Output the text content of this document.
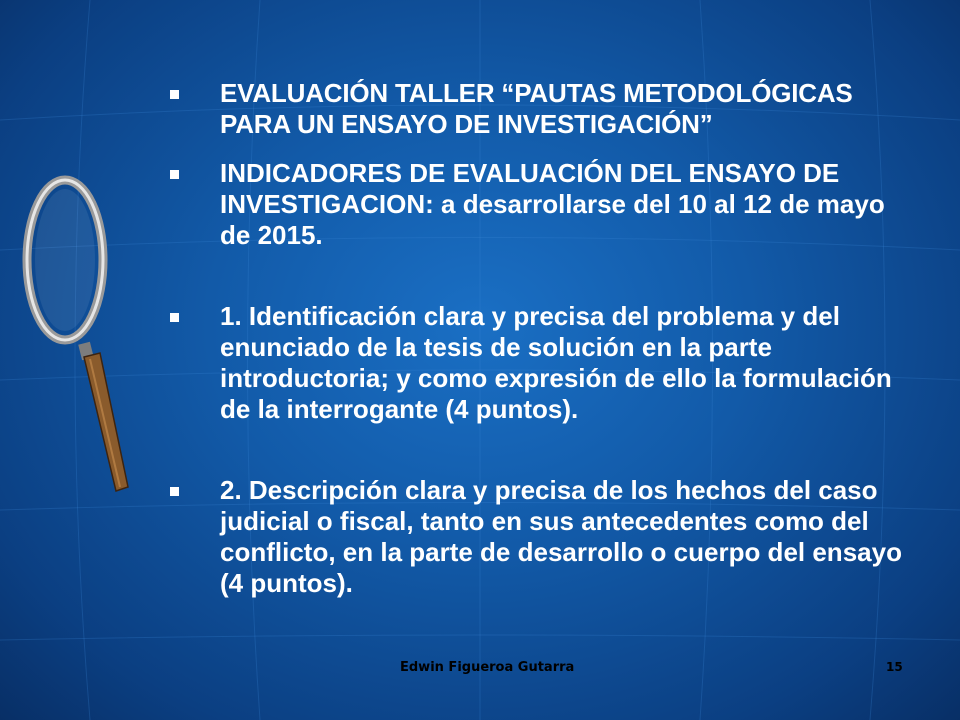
EVALUACIÓN TALLER “PAUTAS METODOLÓGICAS PARA UN ENSAYO DE INVESTIGACIÓN”
INDICADORES DE EVALUACIÓN DEL ENSAYO DE INVESTIGACION: a desarrollarse del 10 al 12 de mayo de 2015.
1. Identificación clara y precisa del problema y del enunciado de la tesis de solución en la parte introductoria; y como expresión de ello la formulación de la interrogante (4 puntos).
2. Descripción clara y precisa de los hechos del caso judicial o fiscal, tanto en sus antecedentes como del conflicto, en la parte de desarrollo o cuerpo del ensayo (4 puntos).
Edwin Figueroa Gutarra	15
